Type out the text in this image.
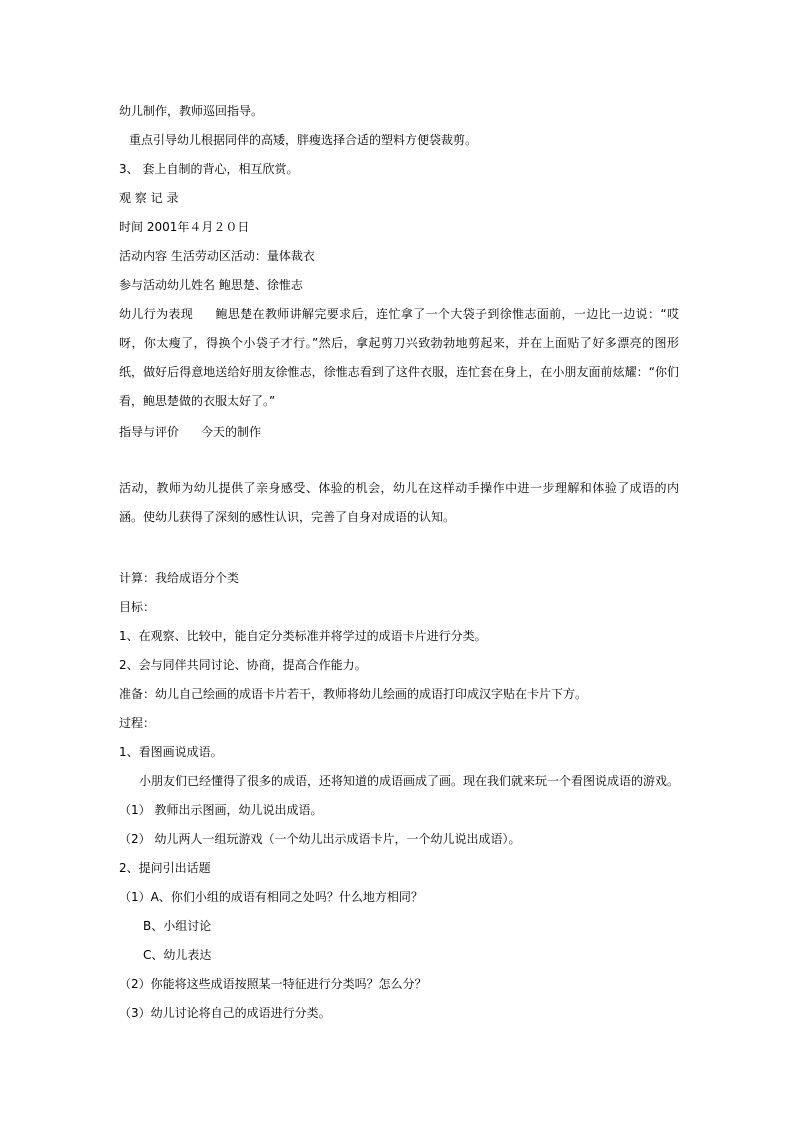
幼儿制作，教师巡回指导。
重点引导幼儿根据同伴的高矮，胖瘦选择合适的塑料方便袋裁剪。
3、 套上自制的背心，相互欣赏。
观 察 记 录
时间 2001年４月２０日
活动内容 生活劳动区活动：量体裁衣
参与活动幼儿姓名 鲍思楚、徐惟志
幼儿行为表现 鲍思楚在教师讲解完要求后，连忙拿了一个大袋子到徐惟志面前，一边比一边说：“哎呀，你太瘦了，得换个小袋子才行。”然后，拿起剪刀兴致勃勃地剪起来，并在上面贴了好多漂亮的图形纸，做好后得意地送给好朋友徐惟志，徐惟志看到了这件衣服，连忙套在身上，在小朋友面前炫耀：“你们看，鲍思楚做的衣服太好了。”
指导与评价 今天的制作
活动，教师为幼儿提供了亲身感受、体验的机会，幼儿在这样动手操作中进一步理解和体验了成语的内涵。使幼儿获得了深刻的感性认识，完善了自身对成语的认知。
计算：我给成语分个类
目标：
1、在观察、比较中，能自定分类标准并将学过的成语卡片进行分类。
2、会与同伴共同讨论、协商，提高合作能力。
准备：幼儿自己绘画的成语卡片若干，教师将幼儿绘画的成语打印成汉字贴在卡片下方。
过程：
1、看图画说成语。
小朋友们已经懂得了很多的成语，还将知道的成语画成了画。现在我们就来玩一个看图说成语的游戏。
（1） 教师出示图画，幼儿说出成语。
（2） 幼儿两人一组玩游戏（一个幼儿出示成语卡片，一个幼儿说出成语）。
2、提问引出话题
（1）A、你们小组的成语有相同之处吗？什么地方相同？
B、小组讨论
C、幼儿表达
（2）你能将这些成语按照某一特征进行分类吗？怎么分？
（3）幼儿讨论将自己的成语进行分类。
